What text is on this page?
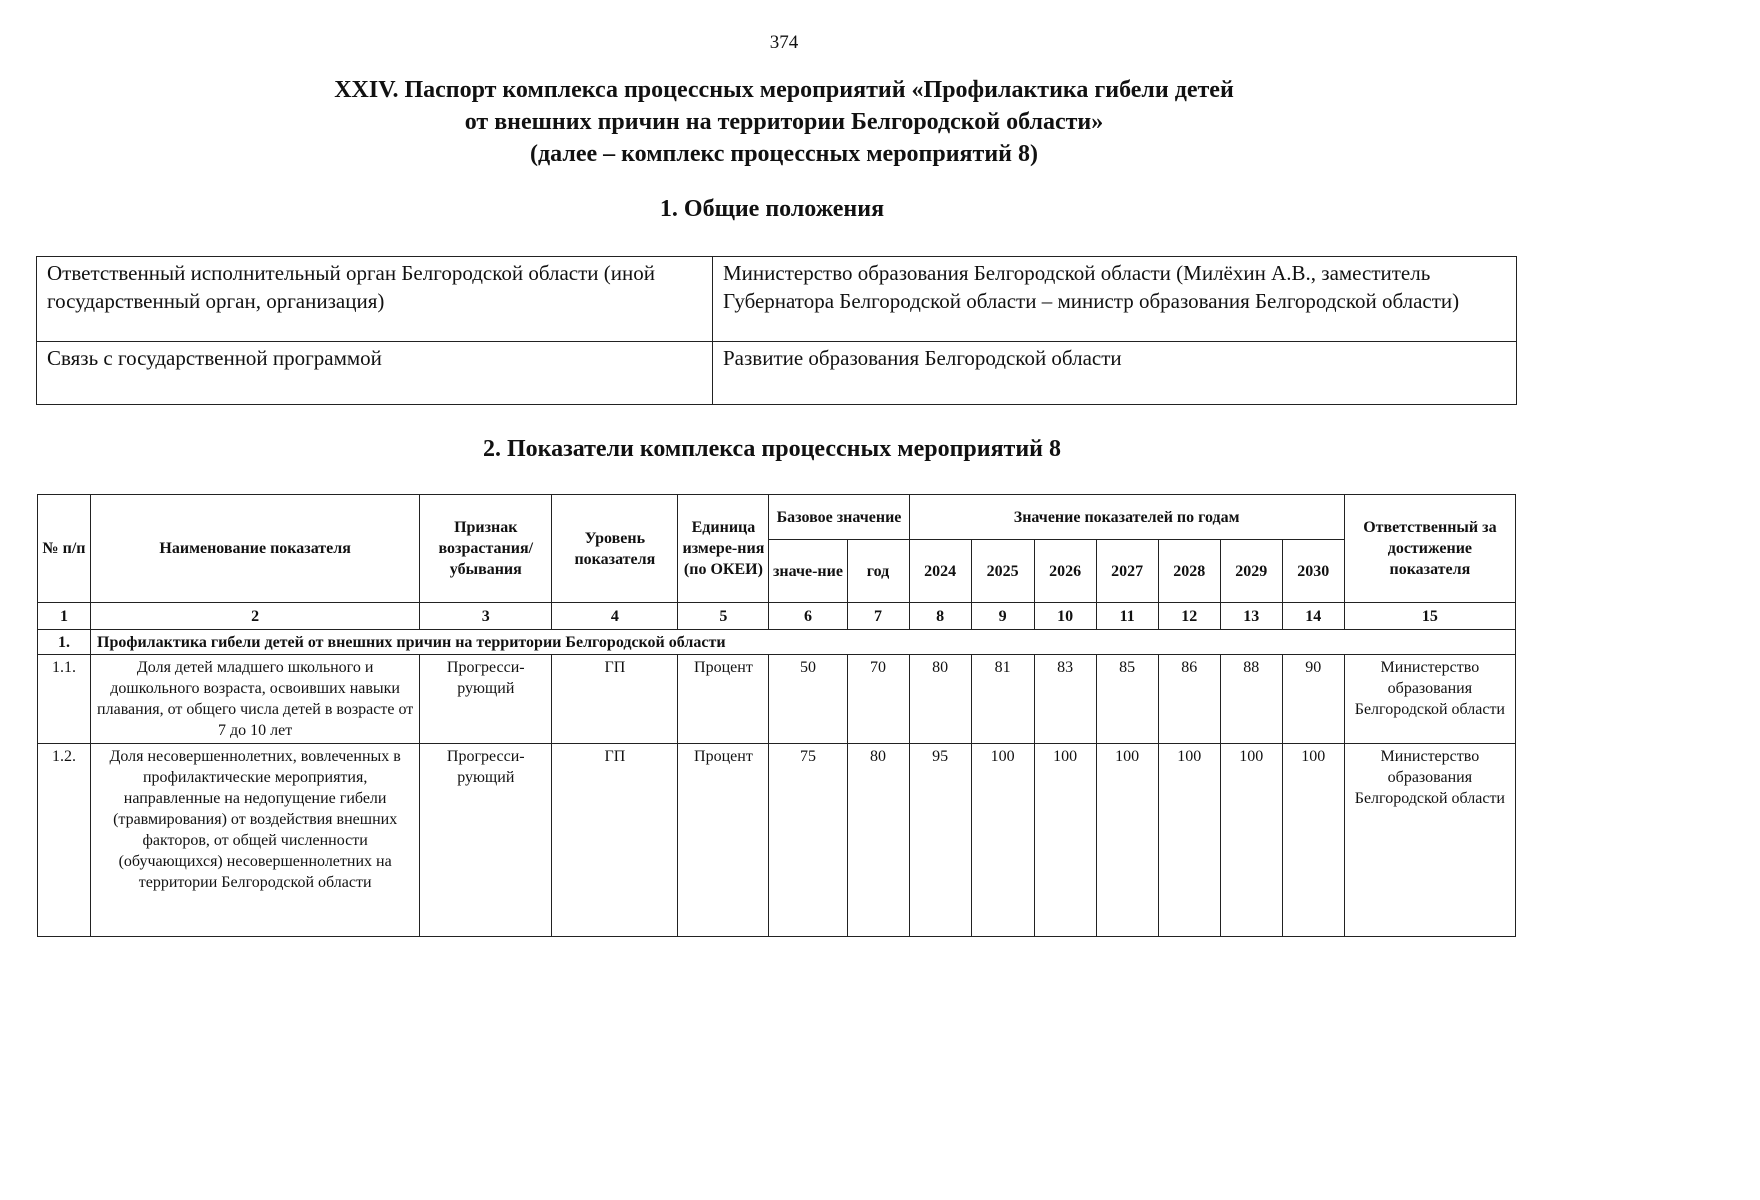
374
XXIV. Паспорт комплекса процессных мероприятий «Профилактика гибели детей
от внешних причин на территории Белгородской области»
(далее – комплекс процессных мероприятий 8)
1. Общие положения
Ответственный исполнительный орган Белгородской области (иной государственный орган, организация)	Министерство образования Белгородской области (Милёхин А.В., заместитель Губернатора Белгородской области – министр образования Белгородской области)
Связь с государственной программой	Развитие образования Белгородской области
2. Показатели комплекса процессных мероприятий 8
№ п/п	Наименование показателя	Признак возрастания/ убывания	Уровень показателя	Единица измере-ния (по ОКЕИ)	Базовое значение		Значение показателей по годам							Ответственный за достижение показателя
					значе-ние	год	2024	2025	2026	2027	2028	2029	2030	
1	2	3	4	5	6	7	8	9	10	11	12	13	14	15
1.	Профилактика гибели детей от внешних причин на территории Белгородской области													
1.1.	Доля детей младшего школьного и дошкольного возраста, освоивших навыки плавания, от общего числа детей в возрасте от 7 до 10 лет	Прогресси-рующий	ГП	Процент	50	70	80	81	83	85	86	88	90	Министерство образования Белгородской области
1.2.	Доля несовершеннолетних, вовлеченных в профилактические мероприятия, направленные на недопущение гибели (травмирования) от воздействия внешних факторов, от общей численности (обучающихся) несовершеннолетних на территории Белгородской области	Прогресси-рующий	ГП	Процент	75	80	95	100	100	100	100	100	100	Министерство образования Белгородской области
